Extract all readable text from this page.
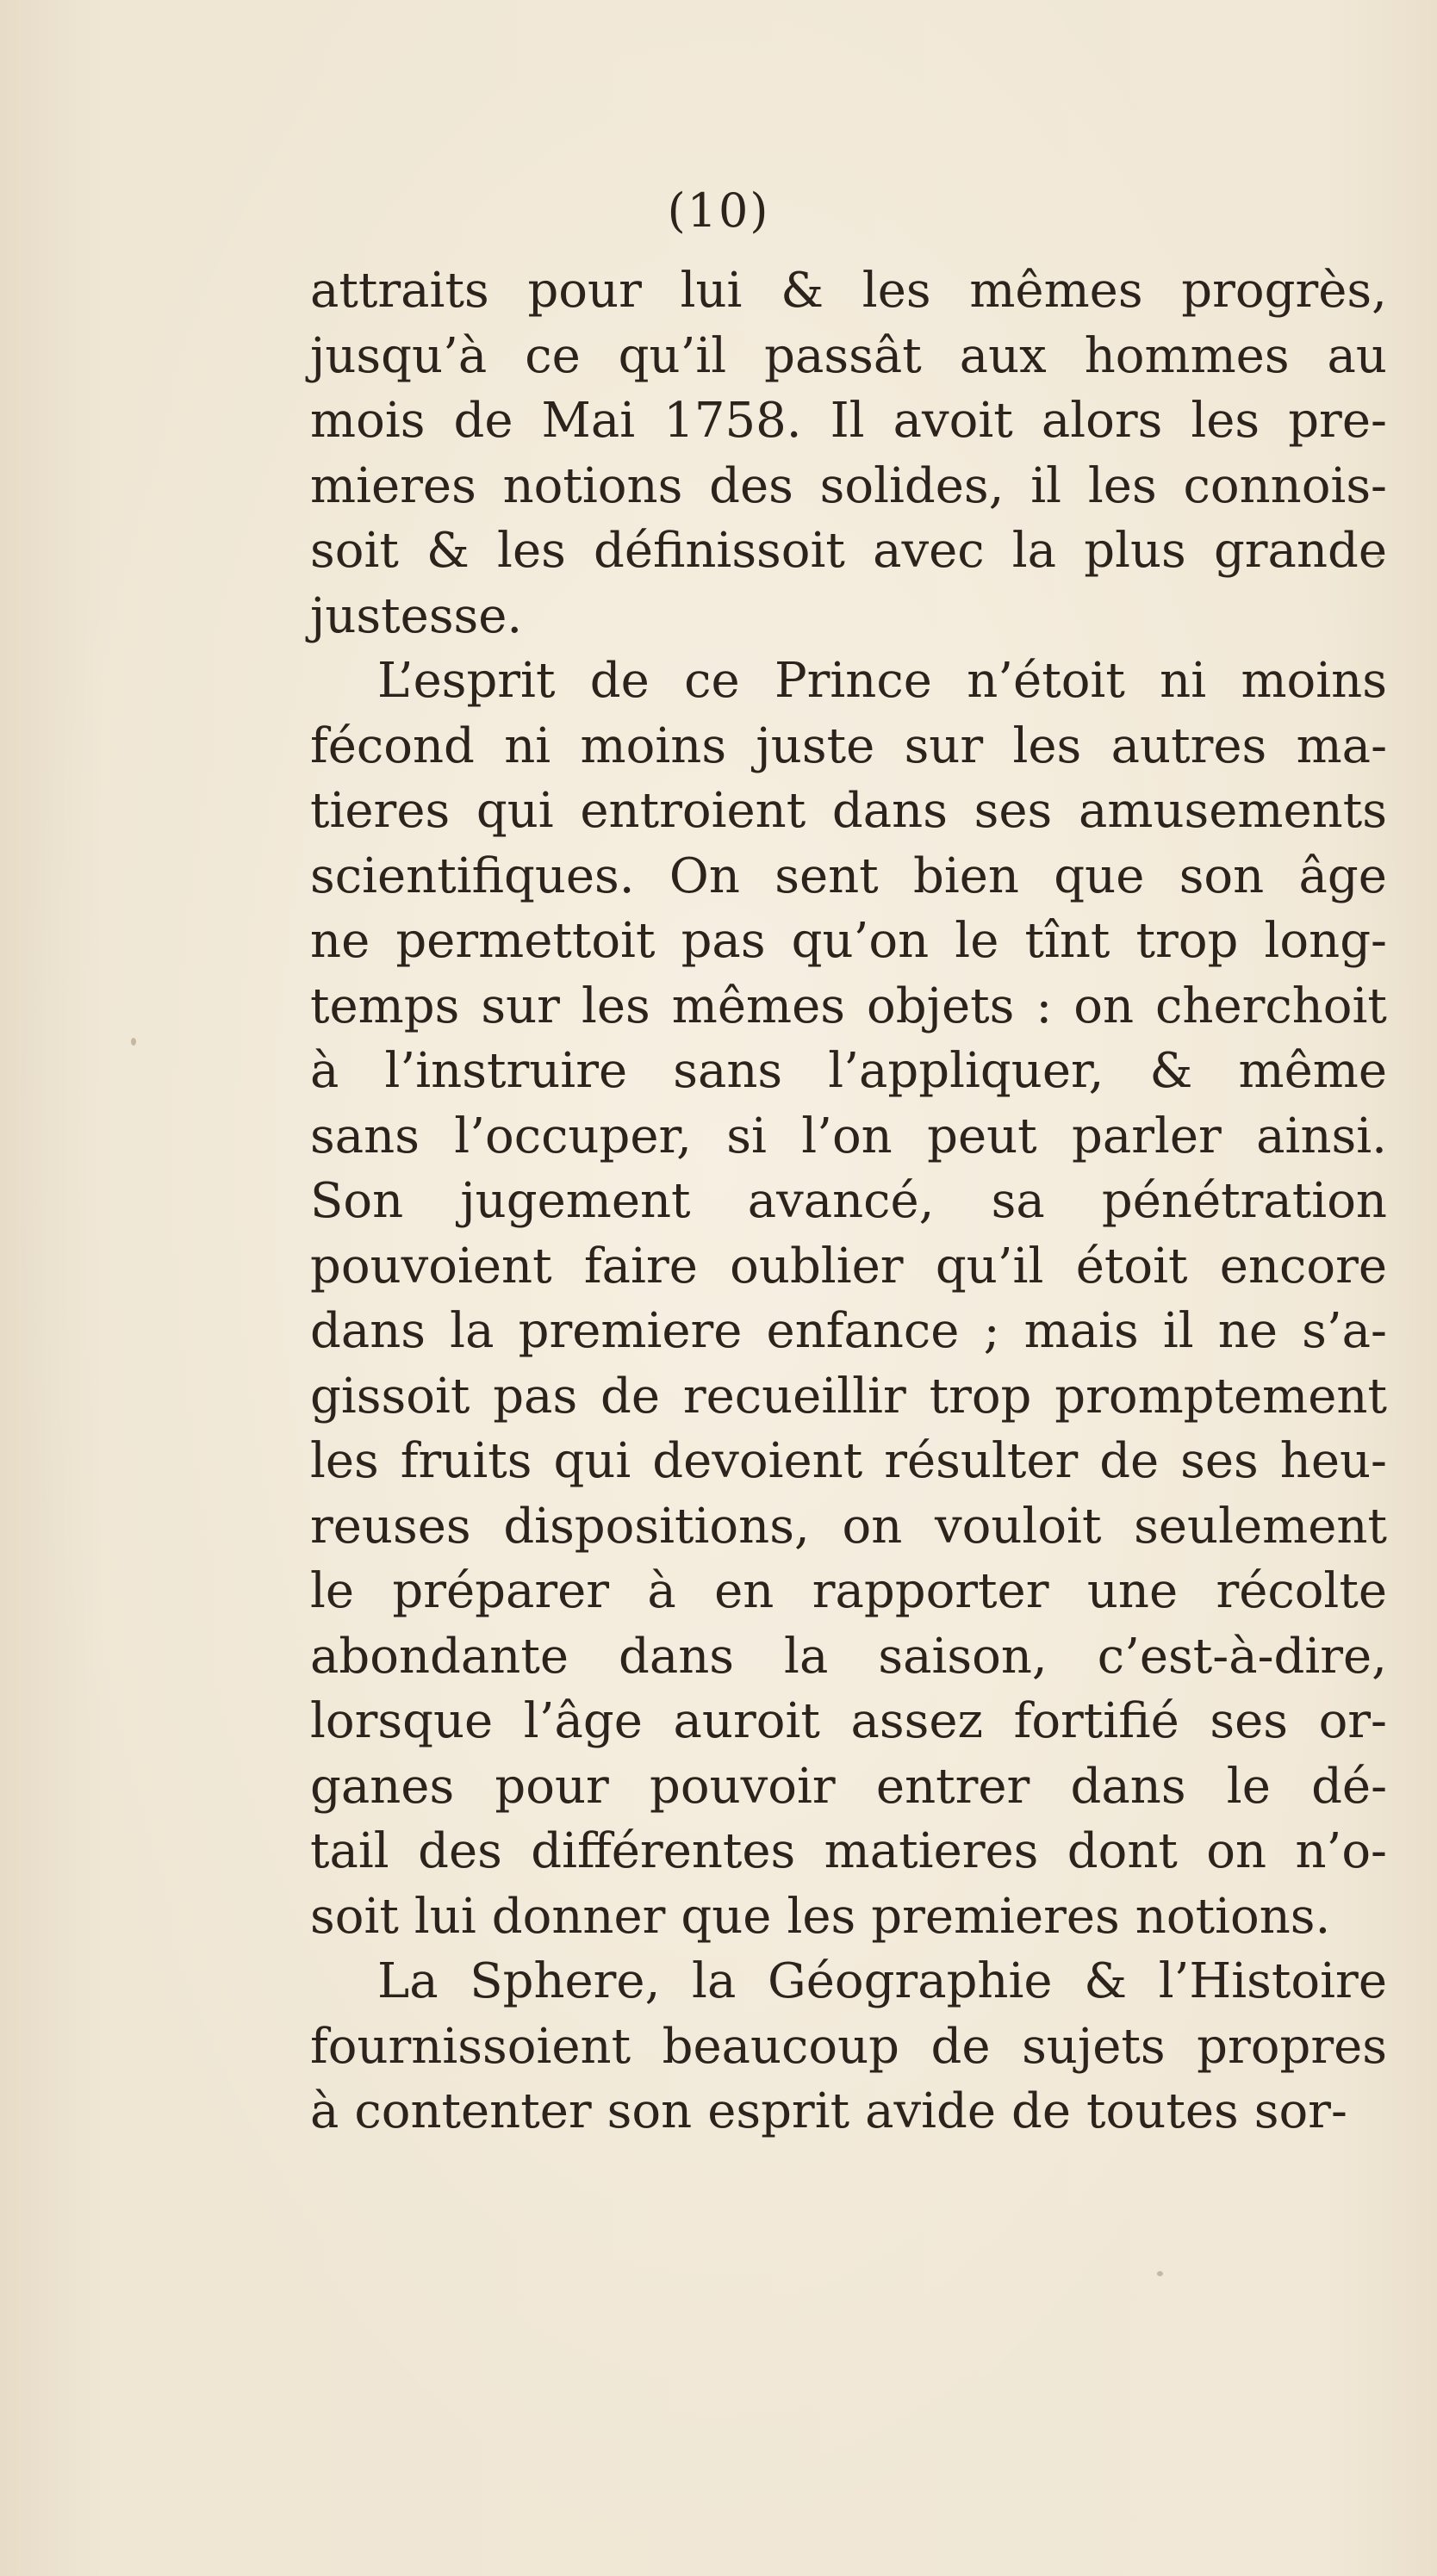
(10)
attraits pour lui & les mêmes progrès,
jusqu’à ce qu’il passât aux hommes au
mois de Mai 1758. Il avoit alors les pre-
mieres notions des solides, il les connois-
soit & les définissoit avec la plus grande
justesse.
L’esprit de ce Prince n’étoit ni moins
fécond ni moins juste sur les autres ma-
tieres qui entroient dans ses amusements
scientifiques. On sent bien que son âge
ne permettoit pas qu’on le tînt trop long-
temps sur les mêmes objets : on cherchoit
à l’instruire sans l’appliquer, & même
sans l’occuper, si l’on peut parler ainsi.
Son jugement avancé, sa pénétration
pouvoient faire oublier qu’il étoit encore
dans la premiere enfance ; mais il ne s’a-
gissoit pas de recueillir trop promptement
les fruits qui devoient résulter de ses heu-
reuses dispositions, on vouloit seulement
le préparer à en rapporter une récolte
abondante dans la saison, c’est-à-dire,
lorsque l’âge auroit assez fortifié ses or-
ganes pour pouvoir entrer dans le dé-
tail des différentes matieres dont on n’o-
soit lui donner que les premieres notions.
La Sphere, la Géographie & l’Histoire
fournissoient beaucoup de sujets propres
à contenter son esprit avide de toutes sor-
